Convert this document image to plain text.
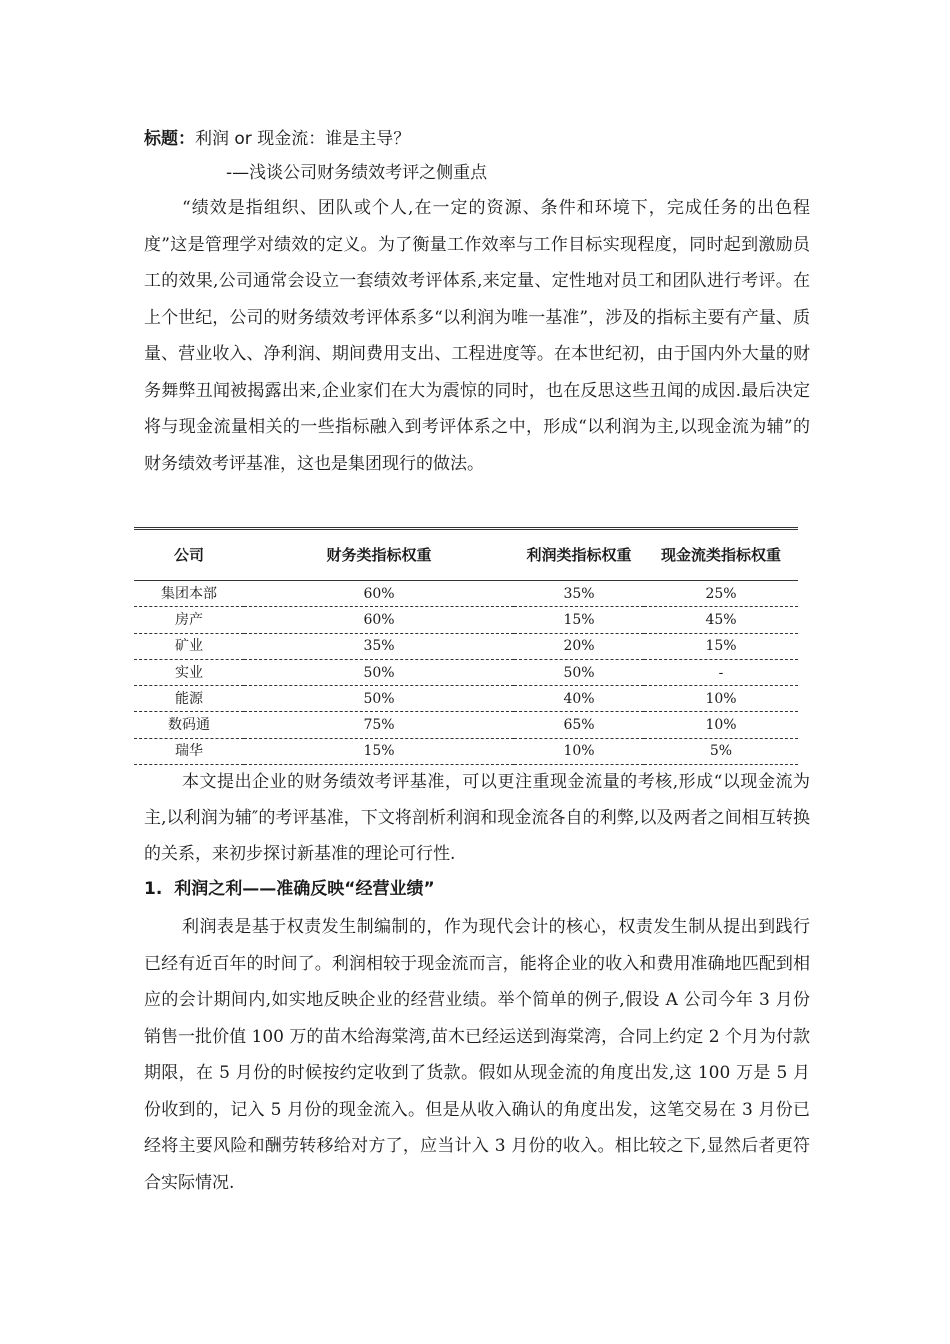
标题：利润 or 现金流：谁是主导？
-—浅谈公司财务绩效考评之侧重点

“绩效是指组织、团队或个人,在一定的资源、条件和环境下，完成任务的出色程度”这是管理学对绩效的定义。为了衡量工作效率与工作目标实现程度，同时起到激励员工的效果,公司通常会设立一套绩效考评体系,来定量、定性地对员工和团队进行考评。在上个世纪，公司的财务绩效考评体系多“以利润为唯一基准”，涉及的指标主要有产量、质量、营业收入、净利润、期间费用支出、工程进度等。在本世纪初，由于国内外大量的财务舞弊丑闻被揭露出来,企业家们在大为震惊的同时，也在反思这些丑闻的成因.最后决定将与现金流量相关的一些指标融入到考评体系之中，形成“以利润为主,以现金流为辅”的财务绩效考评基准，这也是集团现行的做法。

公司	财务类指标权重	利润类指标权重	现金流类指标权重
集团本部	60%	35%	25%
房产	60%	15%	45%
矿业	35%	20%	15%
实业	50%	50%	-
能源	50%	40%	10%
数码通	75%	65%	10%
瑞华	15%	10%	5%

本文提出企业的财务绩效考评基准，可以更注重现金流量的考核,形成“以现金流为主,以利润为辅″的考评基准，下文将剖析利润和现金流各自的利弊,以及两者之间相互转换的关系，来初步探讨新基准的理论可行性.

1. 利润之利——准确反映“经营业绩”

利润表是基于权责发生制编制的，作为现代会计的核心，权责发生制从提出到践行已经有近百年的时间了。利润相较于现金流而言，能将企业的收入和费用准确地匹配到相应的会计期间内,如实地反映企业的经营业绩。举个简单的例子,假设 A 公司今年 3 月份销售一批价值 100 万的苗木给海棠湾,苗木已经运送到海棠湾，合同上约定 2 个月为付款期限，在 5 月份的时候按约定收到了货款。假如从现金流的角度出发,这 100 万是 5 月份收到的，记入 5 月份的现金流入。但是从收入确认的角度出发，这笔交易在 3 月份已经将主要风险和酬劳转移给对方了，应当计入 3 月份的收入。相比较之下,显然后者更符合实际情况.
